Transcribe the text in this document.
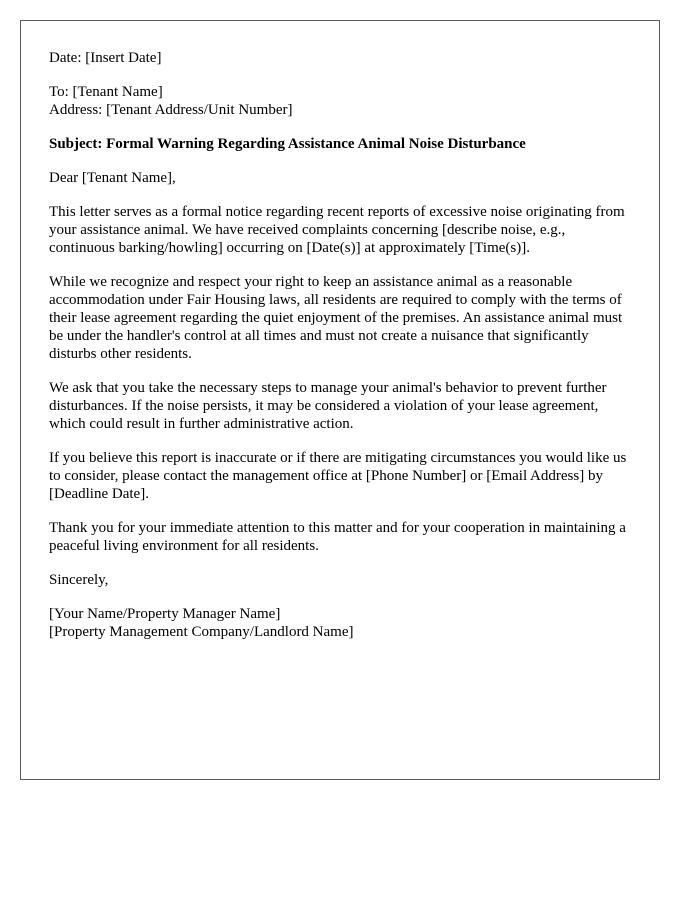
Date: [Insert Date]

To: [Tenant Name]
Address: [Tenant Address/Unit Number]

Subject: Formal Warning Regarding Assistance Animal Noise Disturbance

Dear [Tenant Name],

This letter serves as a formal notice regarding recent reports of excessive noise originating from your assistance animal. We have received complaints concerning [describe noise, e.g., continuous barking/howling] occurring on [Date(s)] at approximately [Time(s)].

While we recognize and respect your right to keep an assistance animal as a reasonable accommodation under Fair Housing laws, all residents are required to comply with the terms of their lease agreement regarding the quiet enjoyment of the premises. An assistance animal must be under the handler's control at all times and must not create a nuisance that significantly disturbs other residents.

We ask that you take the necessary steps to manage your animal's behavior to prevent further disturbances. If the noise persists, it may be considered a violation of your lease agreement, which could result in further administrative action.

If you believe this report is inaccurate or if there are mitigating circumstances you would like us to consider, please contact the management office at [Phone Number] or [Email Address] by [Deadline Date].

Thank you for your immediate attention to this matter and for your cooperation in maintaining a peaceful living environment for all residents.

Sincerely,

[Your Name/Property Manager Name]
[Property Management Company/Landlord Name]
